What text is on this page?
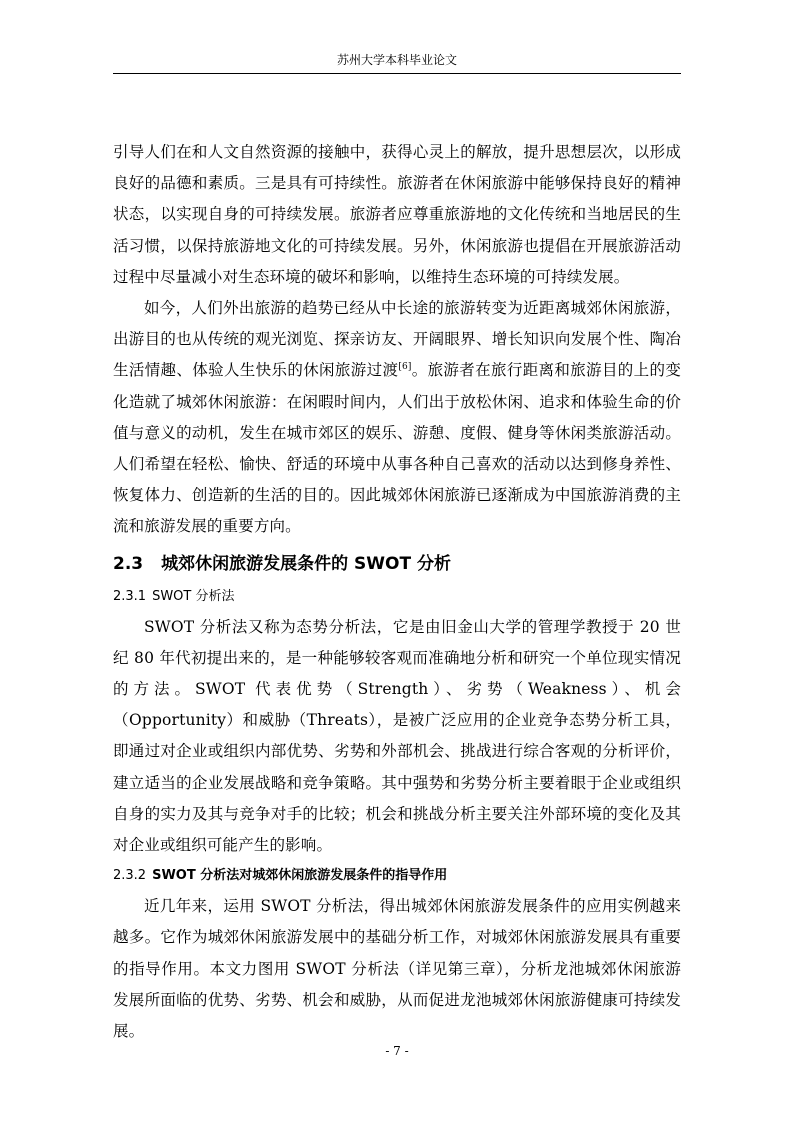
苏州大学本科毕业论文

引导人们在和人文自然资源的接触中，获得心灵上的解放，提升思想层次，以形成良好的品德和素质。三是具有可持续性。旅游者在休闲旅游中能够保持良好的精神状态，以实现自身的可持续发展。旅游者应尊重旅游地的文化传统和当地居民的生活习惯，以保持旅游地文化的可持续发展。另外，休闲旅游也提倡在开展旅游活动过程中尽量减小对生态环境的破坏和影响，以维持生态环境的可持续发展。

如今，人们外出旅游的趋势已经从中长途的旅游转变为近距离城郊休闲旅游，出游目的也从传统的观光浏览、探亲访友、开阔眼界、增长知识向发展个性、陶冶生活情趣、体验人生快乐的休闲旅游过渡[6]。旅游者在旅行距离和旅游目的上的变化造就了城郊休闲旅游：在闲暇时间内，人们出于放松休闲、追求和体验生命的价值与意义的动机，发生在城市郊区的娱乐、游憩、度假、健身等休闲类旅游活动。人们希望在轻松、愉快、舒适的环境中从事各种自己喜欢的活动以达到修身养性、恢复体力、创造新的生活的目的。因此城郊休闲旅游已逐渐成为中国旅游消费的主流和旅游发展的重要方向。

2.3 城郊休闲旅游发展条件的 SWOT 分析
2.3.1 SWOT 分析法

SWOT 分析法又称为态势分析法，它是由旧金山大学的管理学教授于 20 世纪 80 年代初提出来的，是一种能够较客观而准确地分析和研究一个单位现实情况的方法。SWOT 代表优势（Strength）、劣势（Weakness）、机会（Opportunity）和威胁（Threats），是被广泛应用的企业竞争态势分析工具，即通过对企业或组织内部优势、劣势和外部机会、挑战进行综合客观的分析评价，建立适当的企业发展战略和竞争策略。其中强势和劣势分析主要着眼于企业或组织自身的实力及其与竞争对手的比较；机会和挑战分析主要关注外部环境的变化及其对企业或组织可能产生的影响。

2.3.2 SWOT 分析法对城郊休闲旅游发展条件的指导作用

近几年来，运用 SWOT 分析法，得出城郊休闲旅游发展条件的应用实例越来越多。它作为城郊休闲旅游发展中的基础分析工作，对城郊休闲旅游发展具有重要的指导作用。本文力图用 SWOT 分析法（详见第三章），分析龙池城郊休闲旅游发展所面临的优势、劣势、机会和威胁，从而促进龙池城郊休闲旅游健康可持续发展。

- 7 -
